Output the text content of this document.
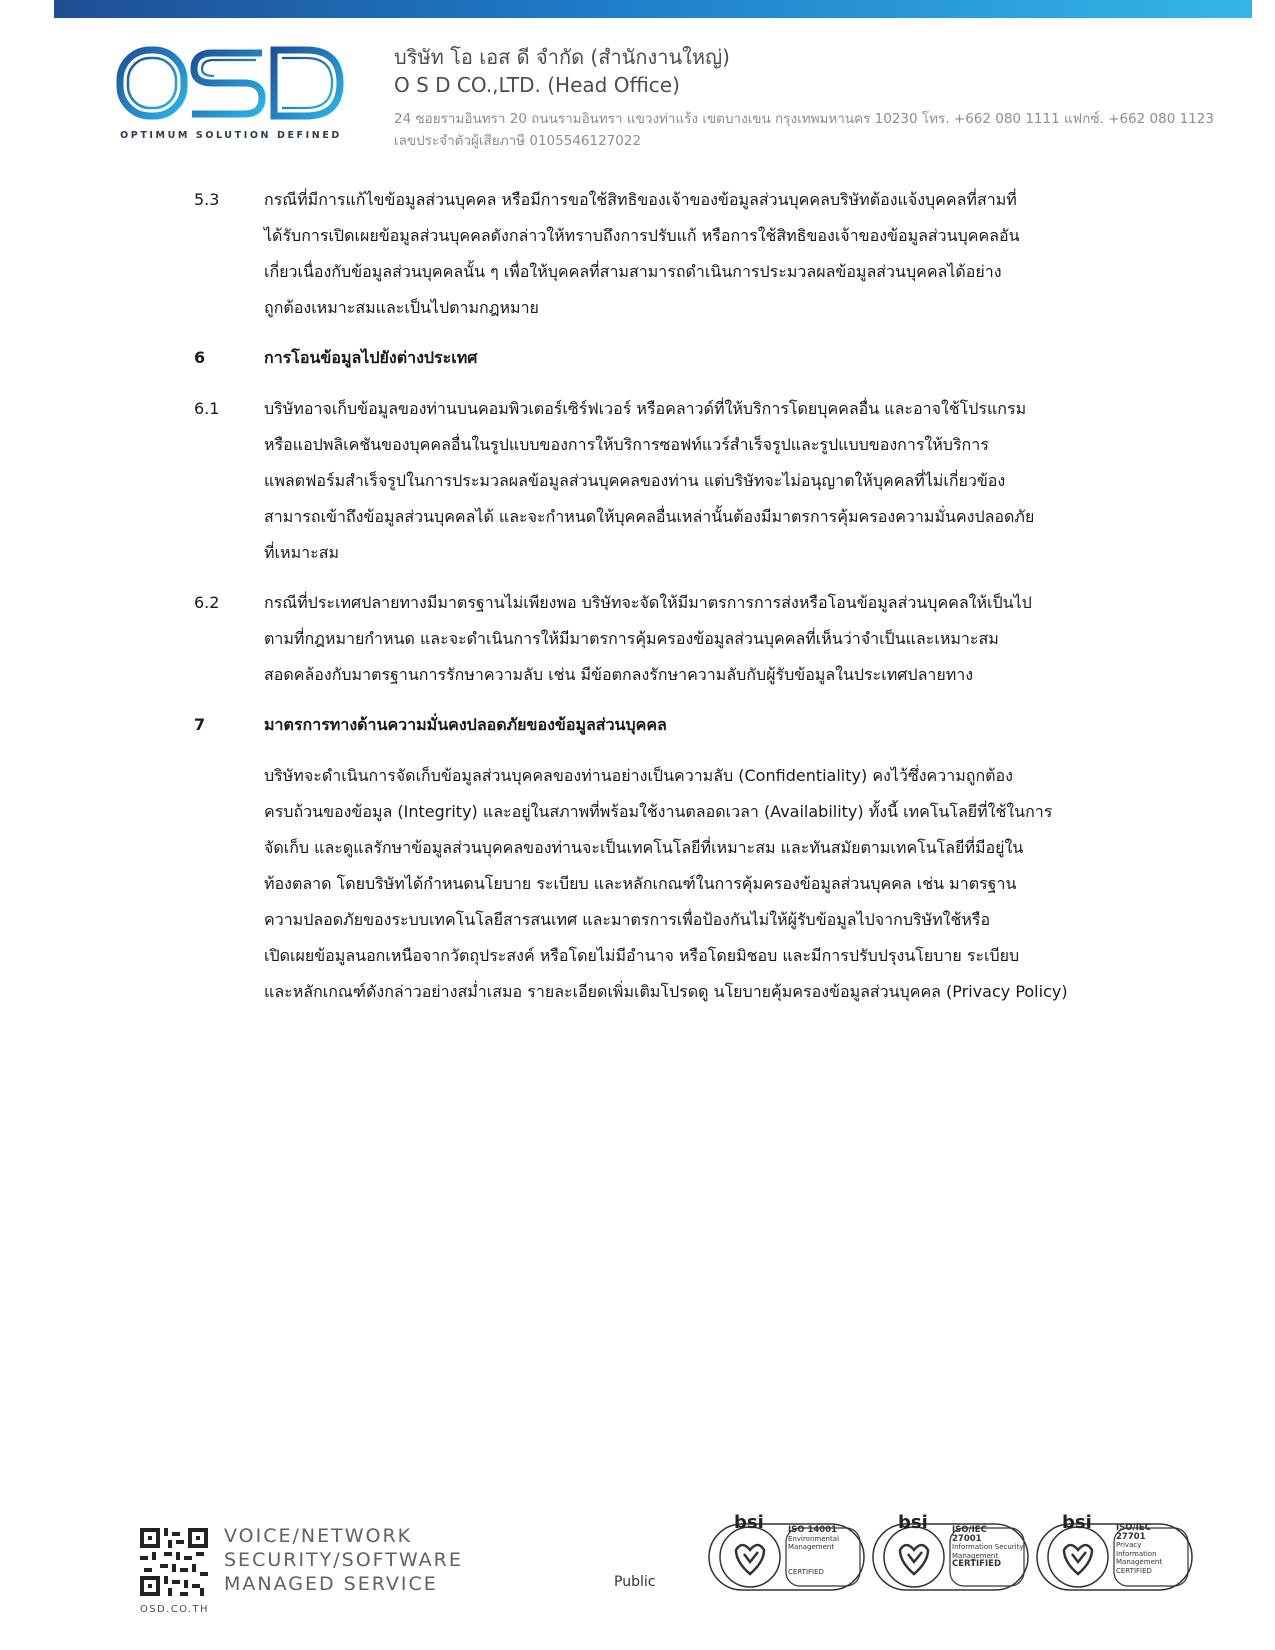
OPTIMUM SOLUTION DEFINED
บริษัท โอ เอส ดี จำกัด (สำนักงานใหญ่)
O S D CO.,LTD. (Head Office)
24 ซอยรามอินทรา 20 ถนนรามอินทรา แขวงท่าแร้ง เขตบางเขน กรุงเทพมหานคร 10230 โทร. +662 080 1111 แฟกซ์. +662 080 1123
เลขประจำตัวผู้เสียภาษี 0105546127022
5.3	กรณีที่มีการแก้ไขข้อมูลส่วนบุคคล หรือมีการขอใช้สิทธิของเจ้าของข้อมูลส่วนบุคคลบริษัทต้องแจ้งบุคคลที่สามที่
ได้รับการเปิดเผยข้อมูลส่วนบุคคลดังกล่าวให้ทราบถึงการปรับแก้ หรือการใช้สิทธิของเจ้าของข้อมูลส่วนบุคคลอัน
เกี่ยวเนื่องกับข้อมูลส่วนบุคคลนั้น ๆ เพื่อให้บุคคลที่สามสามารถดำเนินการประมวลผลข้อมูลส่วนบุคคลได้อย่าง
ถูกต้องเหมาะสมและเป็นไปตามกฎหมาย
6	การโอนข้อมูลไปยังต่างประเทศ
6.1	บริษัทอาจเก็บข้อมูลของท่านบนคอมพิวเตอร์เซิร์ฟเวอร์ หรือคลาวด์ที่ให้บริการโดยบุคคลอื่น และอาจใช้โปรแกรม
หรือแอปพลิเคชันของบุคคลอื่นในรูปแบบของการให้บริการซอฟท์แวร์สำเร็จรูปและรูปแบบของการให้บริการ
แพลตฟอร์มสำเร็จรูปในการประมวลผลข้อมูลส่วนบุคคลของท่าน แต่บริษัทจะไม่อนุญาตให้บุคคลที่ไม่เกี่ยวข้อง
สามารถเข้าถึงข้อมูลส่วนบุคคลได้ และจะกำหนดให้บุคคลอื่นเหล่านั้นต้องมีมาตรการคุ้มครองความมั่นคงปลอดภัย
ที่เหมาะสม
6.2	กรณีที่ประเทศปลายทางมีมาตรฐานไม่เพียงพอ บริษัทจะจัดให้มีมาตรการการส่งหรือโอนข้อมูลส่วนบุคคลให้เป็นไป
ตามที่กฎหมายกำหนด และจะดำเนินการให้มีมาตรการคุ้มครองข้อมูลส่วนบุคคลที่เห็นว่าจำเป็นและเหมาะสม
สอดคล้องกับมาตรฐานการรักษาความลับ เช่น มีข้อตกลงรักษาความลับกับผู้รับข้อมูลในประเทศปลายทาง
7	มาตรการทางด้านความมั่นคงปลอดภัยของข้อมูลส่วนบุคคล
บริษัทจะดำเนินการจัดเก็บข้อมูลส่วนบุคคลของท่านอย่างเป็นความลับ (Confidentiality) คงไว้ซึ่งความถูกต้อง
ครบถ้วนของข้อมูล (Integrity) และอยู่ในสภาพที่พร้อมใช้งานตลอดเวลา (Availability) ทั้งนี้ เทคโนโลยีที่ใช้ในการ
จัดเก็บ และดูแลรักษาข้อมูลส่วนบุคคลของท่านจะเป็นเทคโนโลยีที่เหมาะสม และทันสมัยตามเทคโนโลยีที่มีอยู่ใน
ท้องตลาด โดยบริษัทได้กำหนดนโยบาย ระเบียบ และหลักเกณฑ์ในการคุ้มครองข้อมูลส่วนบุคคล เช่น มาตรฐาน
ความปลอดภัยของระบบเทคโนโลยีสารสนเทศ และมาตรการเพื่อป้องกันไม่ให้ผู้รับข้อมูลไปจากบริษัทใช้หรือ
เปิดเผยข้อมูลนอกเหนือจากวัตถุประสงค์ หรือโดยไม่มีอำนาจ หรือโดยมิชอบ และมีการปรับปรุงนโยบาย ระเบียบ
และหลักเกณฑ์ดังกล่าวอย่างสม่ำเสมอ รายละเอียดเพิ่มเติมโปรดดู นโยบายคุ้มครองข้อมูลส่วนบุคคล (Privacy Policy)
OSD.CO.TH
VOICE/NETWORK
SECURITY/SOFTWARE
MANAGED SERVICE	Public
bsi	ISO 14001
Environmental
Management
CERTIFIED
bsi	ISO/IEC
27001
Information Security
Management
CERTIFIED
bsi	ISO/IEC
27701
Privacy
Information
Management
CERTIFIED
